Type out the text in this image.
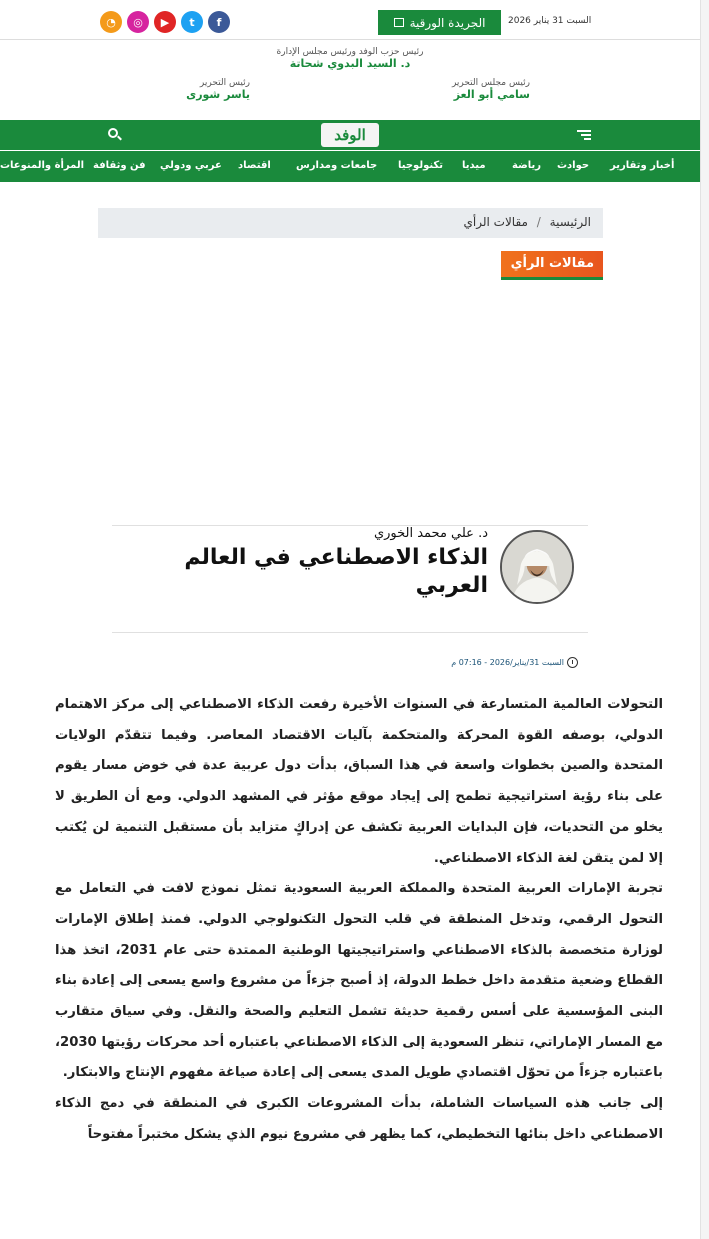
◔	◎	▶	t	f	الجريدة الورقية	السبت 31 يناير 2026
رئيس حزب الوفد ورئيس مجلس الإدارة
د. السيد البدوي شحاتة
رئيس مجلس التحرير
سامي أبو العز
رئيس التحرير
ياسر شورى
الوفد
أخبار وتقارير
حوادث
رياضة
ميديا
تكنولوجيا
جامعات ومدارس
اقتصاد
عربي ودولي
فن وثقافة
المرأة والمنوعات
الرئيسية / مقالات الرأي
مقالات الرأي
د. علي محمد الخوري
الذكاء الاصطناعي في العالم العربي
السبت 31/يناير/2026 - 07:16 م

التحولات العالمية المتسارعة في السنوات الأخيرة رفعت الذكاء الاصطناعي إلى مركز الاهتمام الدولي، بوصفه القوة المحركة والمتحكمة بآليات الاقتصاد المعاصر. وفيما تتقدّم الولايات المتحدة والصين بخطوات واسعة في هذا السباق، بدأت دول عربية عدة في خوض مسار يقوم على بناء رؤية استراتيجية تطمح إلى إيجاد موقع مؤثر في المشهد الدولي. ومع أن الطريق لا يخلو من التحديات، فإن البدايات العربية تكشف عن إدراكٍ متزايد بأن مستقبل التنمية لن يُكتب إلا لمن يتقن لغة الذكاء الاصطناعي.

تجربة الإمارات العربية المتحدة والمملكة العربية السعودية تمثل نموذج لافت في التعامل مع التحول الرقمي، وتدخل المنطقة في قلب التحول التكنولوجي الدولي. فمنذ إطلاق الإمارات لوزارة متخصصة بالذكاء الاصطناعي واستراتيجيتها الوطنية الممتدة حتى عام 2031، اتخذ هذا القطاع وضعية متقدمة داخل خطط الدولة، إذ أصبح جزءاً من مشروع واسع يسعى إلى إعادة بناء البنى المؤسسية على أسس رقمية حديثة تشمل التعليم والصحة والنقل. وفي سياق متقارب مع المسار الإماراتي، تنظر السعودية إلى الذكاء الاصطناعي باعتباره أحد محركات رؤيتها 2030، باعتباره جزءاً من تحوّل اقتصادي طويل المدى يسعى إلى إعادة صياغة مفهوم الإنتاج والابتكار.

إلى جانب هذه السياسات الشاملة، بدأت المشروعات الكبرى في المنطقة في دمج الذكاء الاصطناعي داخل بنائها التخطيطي، كما يظهر في مشروع نيوم الذي يشكل مختبراً مفتوحاً
